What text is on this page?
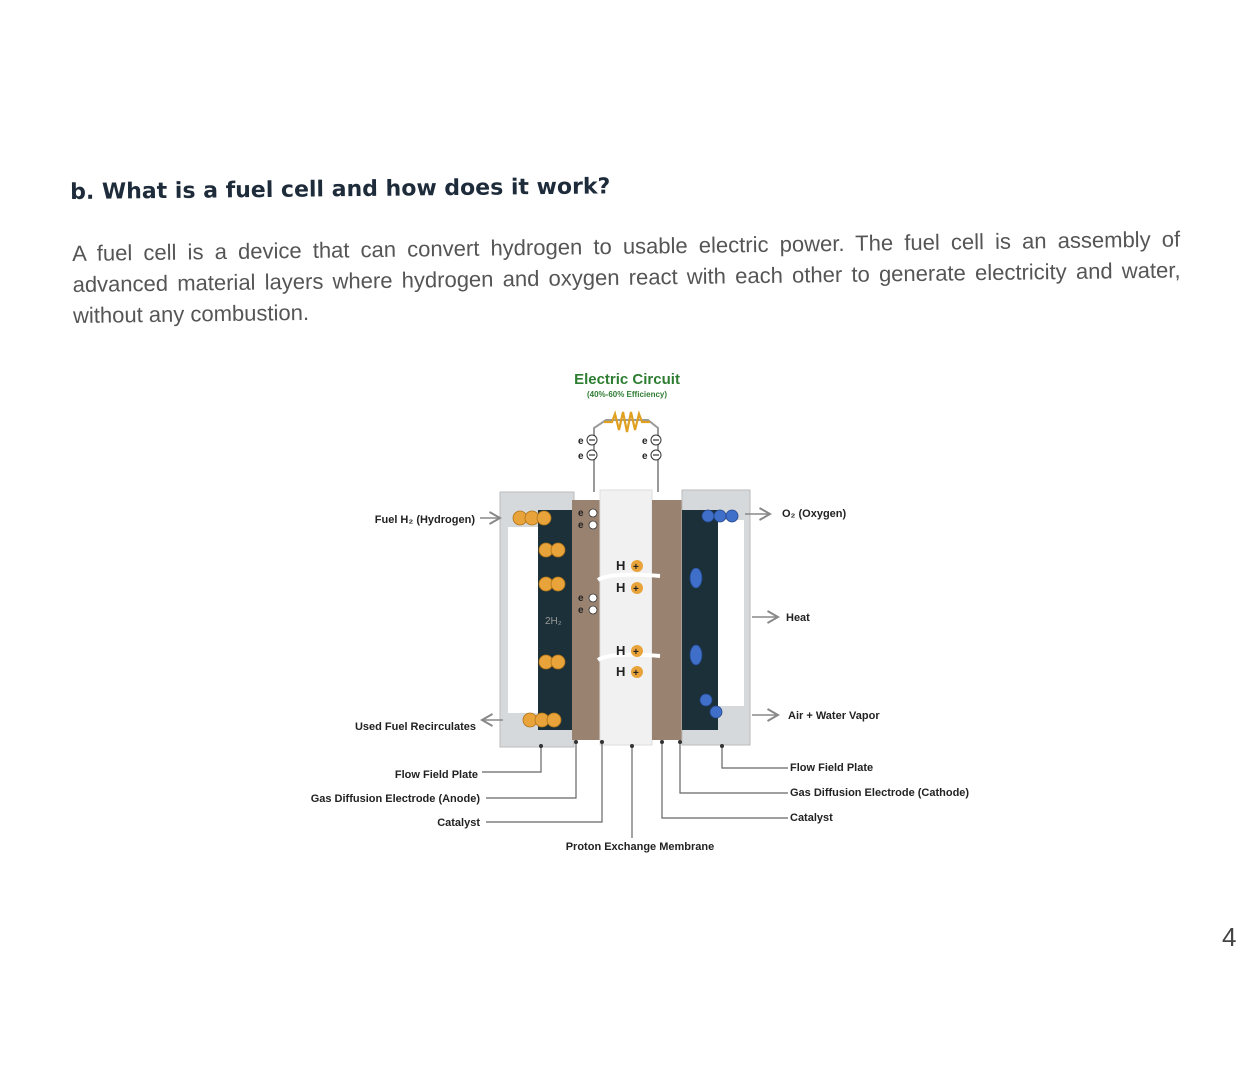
b. What is a fuel cell and how does it work?

A fuel cell is a device that can convert hydrogen to usable electric power. The fuel cell is an assembly of advanced material layers where hydrogen and oxygen react with each other to generate electricity and water, without any combustion.

4
Electric Circuit
(40%-60% Efficiency)
e
e
e
e
2H₂
e
e
e
e
H +
H +
H +
H +
Fuel H₂ (Hydrogen)	O₂ (Oxygen)
Heat
Used Fuel Recirculates
Air + Water Vapor
Flow Field Plate
Gas Diffusion Electrode (Anode)
Catalyst
Proton Exchange Membrane
Flow Field Plate
Gas Diffusion Electrode (Cathode)
Catalyst
